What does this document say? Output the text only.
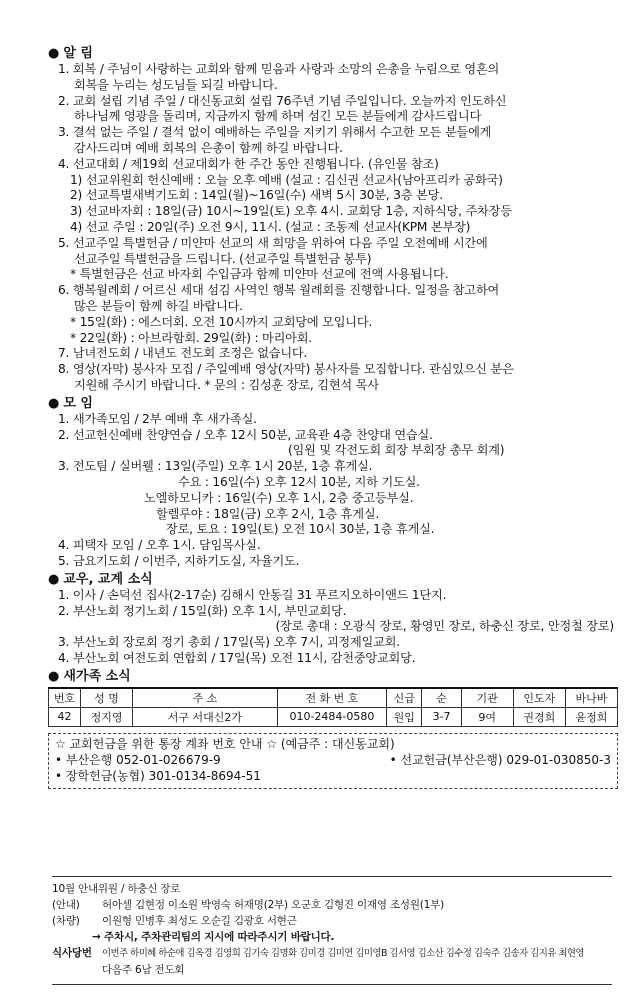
● 알 림
1. 회복 / 주님이 사랑하는 교회와 함께 믿음과 사랑과 소망의 은총을 누림으로 영혼의
회복을 누리는 성도님들 되길 바랍니다.
2. 교회 설립 기념 주일 / 대신동교회 설립 76주년 기념 주일입니다. 오늘까지 인도하신
하나님께 영광을 돌리며, 지금까지 함께 하며 섬긴 모든 분들에게 감사드립니다
3. 결석 없는 주일 / 결석 없이 예배하는 주일을 지키기 위해서 수고한 모든 분들에게
감사드리며 예배 회복의 은총이 함께 하길 바랍니다.
4. 선교대회 / 제19회 선교대회가 한 주간 동안 진행됩니다. (유인물 참조)
1) 선교위원회 헌신예배 : 오늘 오후 예배 (설교 : 김신권 선교사(남아프리카 공화국)
2) 선교특별새벽기도회 : 14일(월)~16일(수) 새벽 5시 30분, 3층 본당.
3) 선교바자회 : 18일(금) 10시~19일(토) 오후 4시. 교회당 1층, 지하식당, 주차장등
4) 선교 주일 : 20일(주) 오전 9시, 11시. (설교 : 조동제 선교사(KPM 본부장)
5. 선교주일 특별헌금 / 미얀마 선교의 새 희망을 위하여 다음 주일 오전예배 시간에
선교주일 특별헌금을 드립니다. (선교주일 특별헌금 봉투)
* 특별헌금은 선교 바자회 수입금과 함께 미얀마 선교에 전액 사용됩니다.
6. 행복월례회 / 어르신 세대 섬김 사역인 행복 월례회를 진행합니다. 일정을 참고하여
많은 분들이 함께 하길 바랍니다.
* 15일(화) : 에스더회. 오전 10시까지 교회당에 모입니다.
* 22일(화) : 아브라함회. 29일(화) : 마리아회.
7. 남녀전도회 / 내년도 전도회 조정은 없습니다.
8. 영상(자막) 봉사자 모집 / 주일예배 영상(자막) 봉사자를 모집합니다. 관심있으신 분은
지원해 주시기 바랍니다. * 문의 : 김성훈 장로, 김현석 목사
● 모 임
1. 새가족모임 / 2부 예배 후 새가족실.
2. 선교헌신예배 찬양연습 / 오후 12시 50분, 교육관 4층 찬양대 연습실.
(임원 및 각전도회 회장 부회장 총무 회계)
3. 전도팀 / 실버웰 : 13일(주일) 오후 1시 20분, 1층 휴게실.
수요 : 16일(수) 오후 12시 10분, 지하 기도실.
노엘하모니카 : 16일(수) 오후 1시, 2층 중고등부실.
할렐루야 : 18일(금) 오후 2시, 1층 휴게실.
장로, 토요 : 19일(토) 오전 10시 30분, 1층 휴게실.
4. 피택자 모임 / 오후 1시. 담임목사실.
5. 금요기도회 / 이번주, 지하기도실, 자율기도.
● 교우, 교계 소식
1. 이사 / 손덕선 집사(2-17순) 김해시 안동길 31 푸르지오하이앤드 1단지.
2. 부산노회 정기노회 / 15일(화) 오후 1시, 부민교회당.
(장로 총대 : 오광식 장로, 황영민 장로, 하충신 장로, 안정철 장로)
3. 부산노회 장로회 정기 총회 / 17일(목) 오후 7시, 괴정제일교회.
4. 부산노회 여전도회 연합회 / 17일(목) 오전 11시, 감천중앙교회당.
● 새가족 소식
번호	성 명	주 소	전 화 번 호	신급	순	기관	인도자	바나바
42	정지영	서구 서대신2가	010-2484-0580	원입	3-7	9여	권경희	윤정희
☆ 교회헌금을 위한 통장 계좌 번호 안내 ☆ (예금주 : 대신동교회)
• 부산은행 052-01-026679-9	• 선교헌금(부산은행) 029-01-030850-3
• 장학헌금(농협) 301-0134-8694-51
10월 안내위원 / 하충신 장로
(안내) 허아셀 김현정 이소원 박영숙 허재명(2부) 오군호 김형진 이재영 조성원(1부)
(차량) 이원형 민병후 최성도 오순길 김광호 서현근
→ 주차시, 주차관리팀의 지시에 따라주시기 바랍니다.
식사당번 이번주 하미혜 하순애 김옥경 김영희 김기숙 김명화 김미경 김미연 김미영B 김서영 김소산 김수정 김숙주 김송자 김지유 최현영
다음주 6남 전도회
